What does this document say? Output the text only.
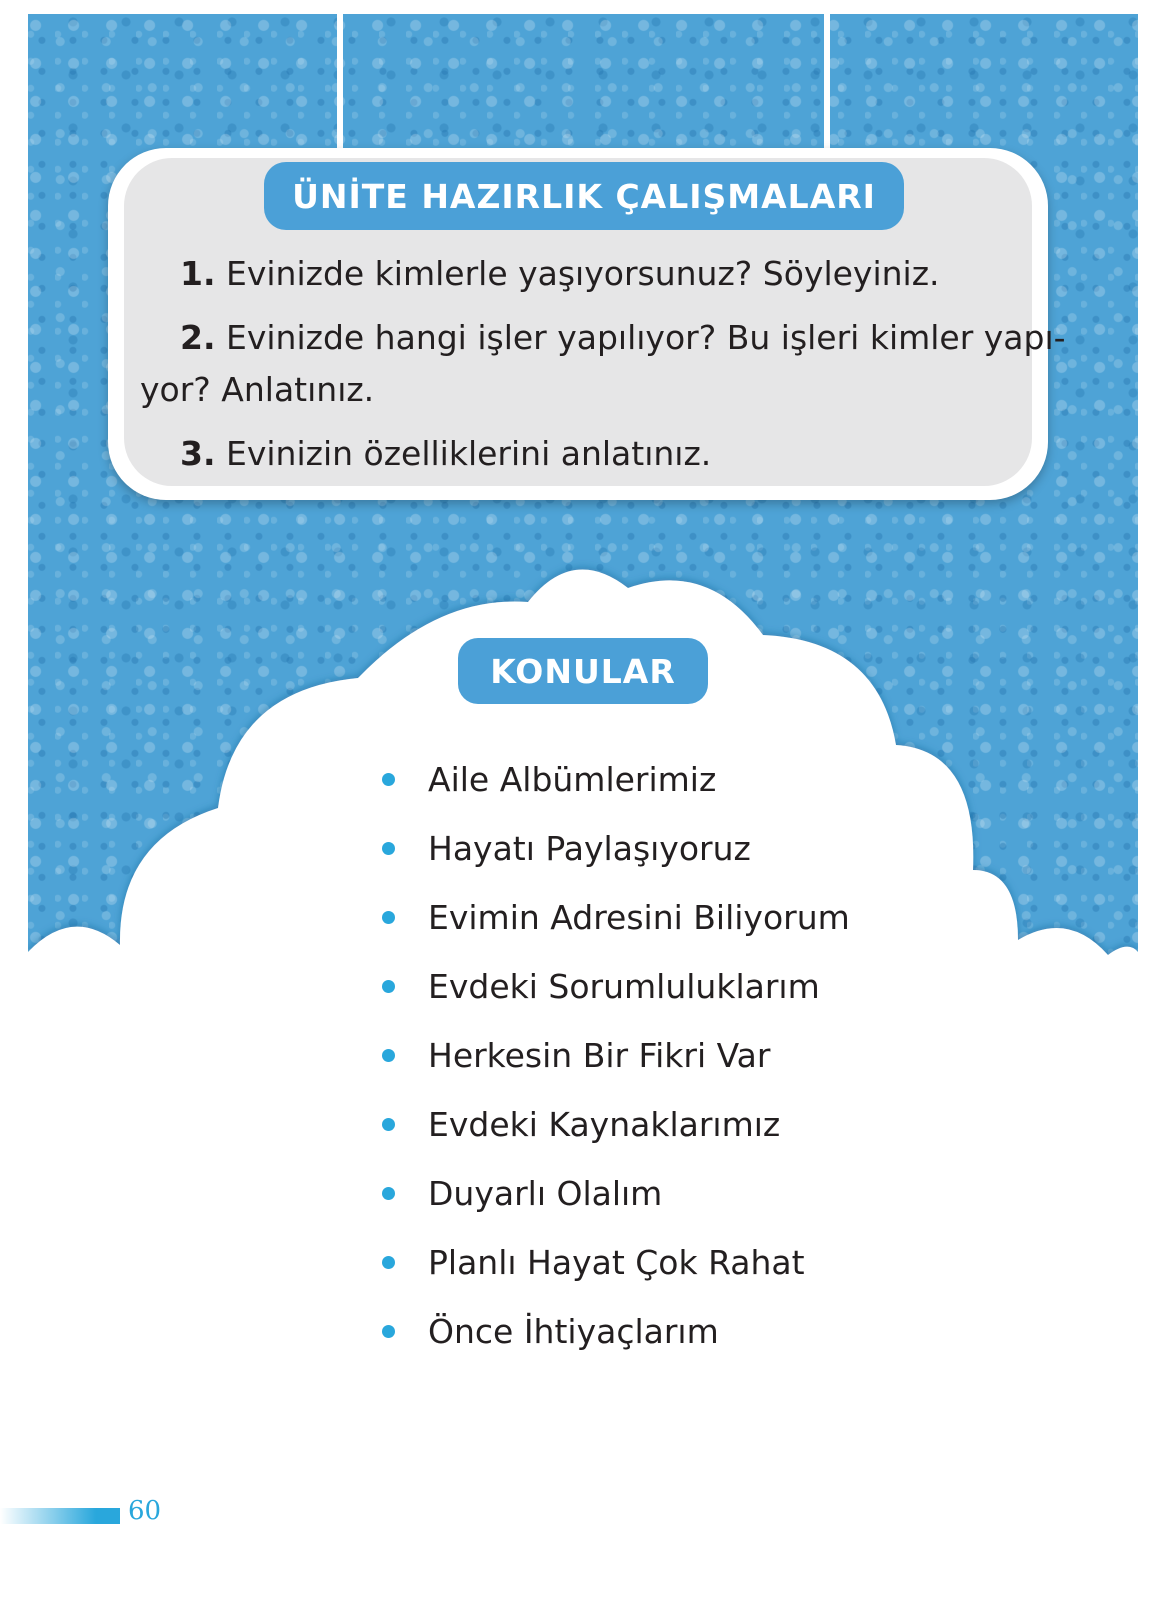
ÜNİTE HAZIRLIK ÇALIŞMALARI
1. Evinizde kimlerle yaşıyorsunuz? Söyleyiniz.
2. Evinizde hangi işler yapılıyor? Bu işleri kimler yapı-
yor? Anlatınız.
3. Evinizin özelliklerini anlatınız.
KONULAR
Aile Albümlerimiz
Hayatı Paylaşıyoruz
Evimin Adresini Biliyorum
Evdeki Sorumluluklarım
Herkesin Bir Fikri Var
Evdeki Kaynaklarımız
Duyarlı Olalım
Planlı Hayat Çok Rahat
Önce İhtiyaçlarım
60
